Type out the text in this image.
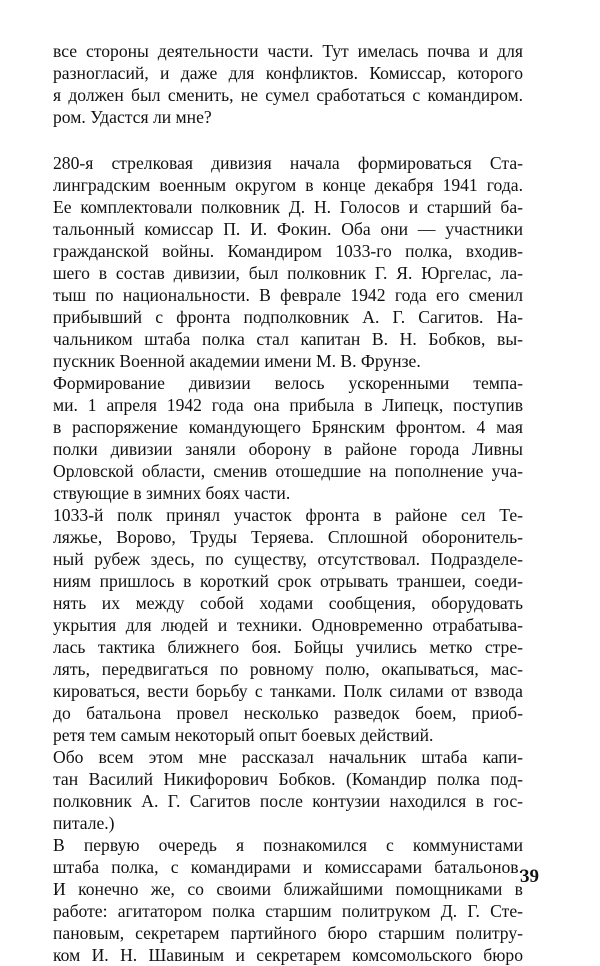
все стороны деятельности части. Тут имелась почва и для
разногласий, и даже для конфликтов. Комиссар, которого
я должен был сменить, не сумел сработаться с командиром.
ром. Удастся ли мне?
280-я стрелковая дивизия начала формироваться Ста-
линградским военным округом в конце декабря 1941 года.
Ее комплектовали полковник Д. Н. Голосов и старший ба-
тальонный комиссар П. И. Фокин. Оба они — участники
гражданской войны. Командиром 1033-го полка, входив-
шего в состав дивизии, был полковник Г. Я. Юргелас, ла-
тыш по национальности. В феврале 1942 года его сменил
прибывший с фронта подполковник А. Г. Сагитов. На-
чальником штаба полка стал капитан В. Н. Бобков, вы-
пускник Военной академии имени М. В. Фрунзе.
Формирование дивизии велось ускоренными темпа-
ми. 1 апреля 1942 года она прибыла в Липецк, поступив
в распоряжение командующего Брянским фронтом. 4 мая
полки дивизии заняли оборону в районе города Ливны
Орловской области, сменив отошедшие на пополнение уча-
ствующие в зимних боях части.
1033-й полк принял участок фронта в районе сел Те-
ляжье, Ворово, Труды Теряева. Сплошной оборонитель-
ный рубеж здесь, по существу, отсутствовал. Подразделе-
ниям пришлось в короткий срок отрывать траншеи, соеди-
нять их между собой ходами сообщения, оборудовать
укрытия для людей и техники. Одновременно отрабатыва-
лась тактика ближнего боя. Бойцы учились метко стре-
лять, передвигаться по ровному полю, окапываться, мас-
кироваться, вести борьбу с танками. Полк силами от взвода
до батальона провел несколько разведок боем, приоб-
ретя тем самым некоторый опыт боевых действий.
Обо всем этом мне рассказал начальник штаба капи-
тан Василий Никифорович Бобков. (Командир полка под-
полковник А. Г. Сагитов после контузии находился в гос-
питале.)
В первую очередь я познакомился с коммунистами
штаба полка, с командирами и комиссарами батальонов.
И конечно же, со своими ближайшими помощниками в
работе: агитатором полка старшим политруком Д. Г. Сте-
пановым, секретарем партийного бюро старшим политру-
ком И. Н. Шавиным и секретарем комсомольского бюро
39
